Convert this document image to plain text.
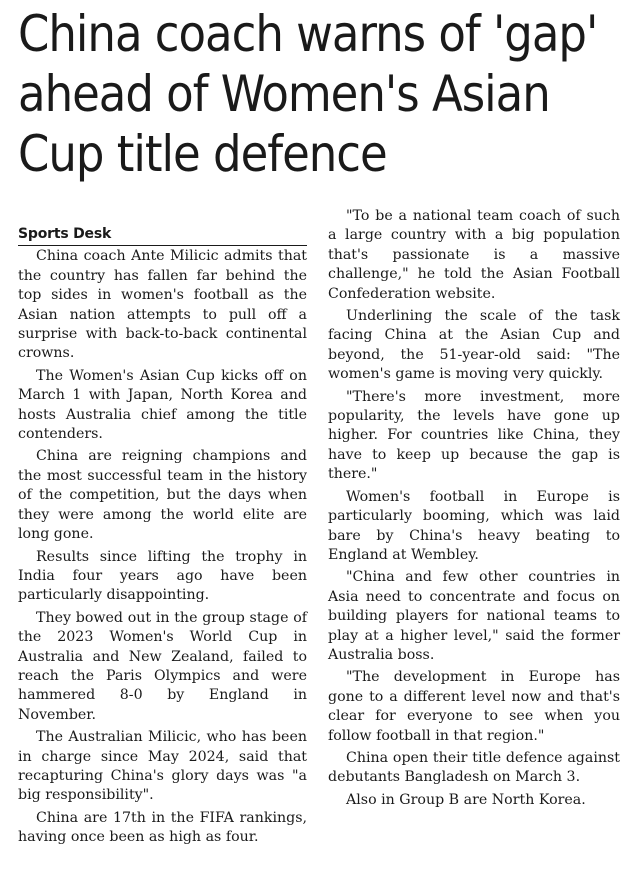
China coach warns of 'gap' ahead of Women's Asian Cup title defence
Sports Desk

China coach Ante Milicic admits that the country has fallen far behind the top sides in women's football as the Asian nation attempts to pull off a surprise with back-to-back continental crowns.

The Women's Asian Cup kicks off on March 1 with Japan, North Korea and hosts Australia chief among the title contenders.

China are reigning champions and the most successful team in the history of the competition, but the days when they were among the world elite are long gone.

Results since lifting the trophy in India four years ago have been particularly disappointing.

They bowed out in the group stage of the 2023 Women's World Cup in Australia and New Zealand, failed to reach the Paris Olympics and were hammered 8-0 by England in November.

The Australian Milicic, who has been in charge since May 2024, said that recapturing China's glory days was "a big responsibility".

China are 17th in the FIFA rankings, having once been as high as four.

"To be a national team coach of such a large country with a big population that's passionate is a massive challenge," he told the Asian Football Confederation website.

Underlining the scale of the task facing China at the Asian Cup and beyond, the 51-year-old said: "The women's game is moving very quickly.

"There's more investment, more popularity, the levels have gone up higher. For countries like China, they have to keep up because the gap is there."

Women's football in Europe is particularly booming, which was laid bare by China's heavy beating to England at Wembley.

"China and few other countries in Asia need to concentrate and focus on building players for national teams to play at a higher level," said the former Australia boss.

"The development in Europe has gone to a different level now and that's clear for everyone to see when you follow football in that region."

China open their title defence against debutants Bangladesh on March 3.

Also in Group B are North Korea.
